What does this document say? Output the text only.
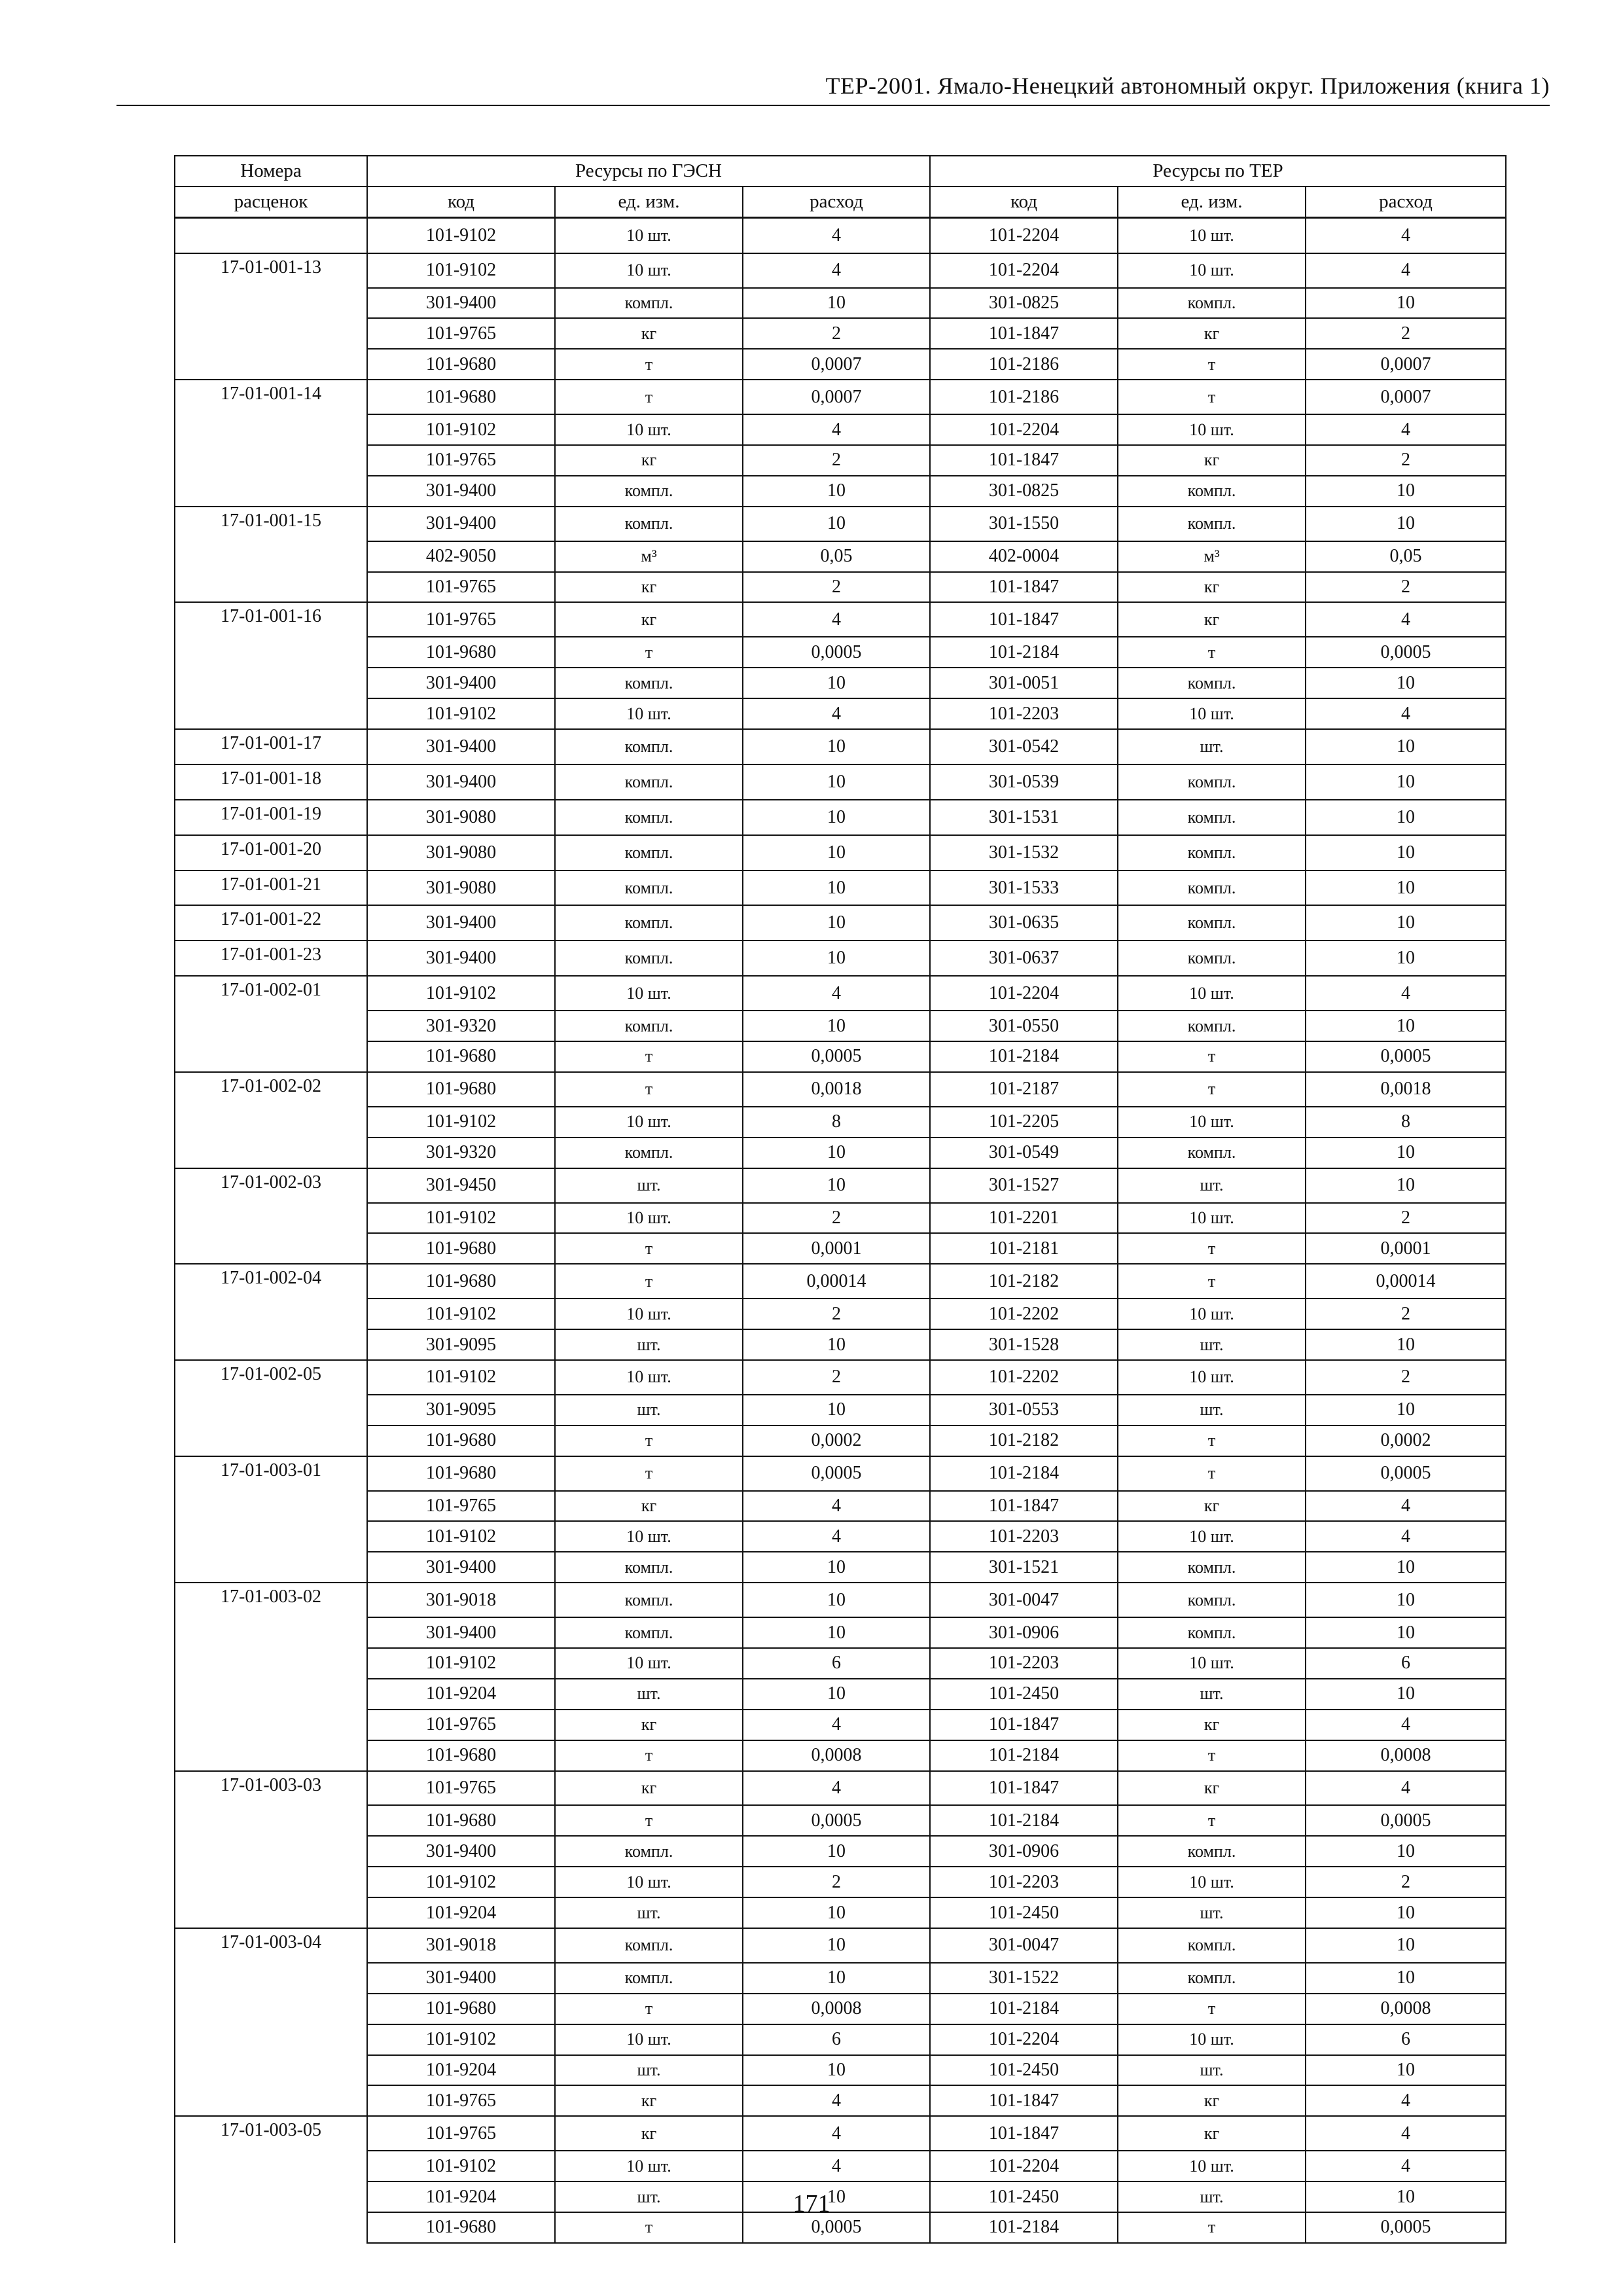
ТЕР-2001. Ямало-Ненецкий автономный округ. Приложения (книга 1)
Номера	Ресурсы по ГЭСН			Ресурсы по ТЕР		
расценок	код	ед. изм.	расход	код	ед. изм.	расход
	101-9102	10 шт.	4	101-2204	10 шт.	4
17-01-001-13	101-9102	10 шт.	4	101-2204	10 шт.	4
	301-9400	компл.	10	301-0825	компл.	10
	101-9765	кг	2	101-1847	кг	2
	101-9680	т	0,0007	101-2186	т	0,0007
17-01-001-14	101-9680	т	0,0007	101-2186	т	0,0007
	101-9102	10 шт.	4	101-2204	10 шт.	4
	101-9765	кг	2	101-1847	кг	2
	301-9400	компл.	10	301-0825	компл.	10
17-01-001-15	301-9400	компл.	10	301-1550	компл.	10
	402-9050	м³	0,05	402-0004	м³	0,05
	101-9765	кг	2	101-1847	кг	2
17-01-001-16	101-9765	кг	4	101-1847	кг	4
	101-9680	т	0,0005	101-2184	т	0,0005
	301-9400	компл.	10	301-0051	компл.	10
	101-9102	10 шт.	4	101-2203	10 шт.	4
17-01-001-17	301-9400	компл.	10	301-0542	шт.	10
17-01-001-18	301-9400	компл.	10	301-0539	компл.	10
17-01-001-19	301-9080	компл.	10	301-1531	компл.	10
17-01-001-20	301-9080	компл.	10	301-1532	компл.	10
17-01-001-21	301-9080	компл.	10	301-1533	компл.	10
17-01-001-22	301-9400	компл.	10	301-0635	компл.	10
17-01-001-23	301-9400	компл.	10	301-0637	компл.	10
17-01-002-01	101-9102	10 шт.	4	101-2204	10 шт.	4
	301-9320	компл.	10	301-0550	компл.	10
	101-9680	т	0,0005	101-2184	т	0,0005
17-01-002-02	101-9680	т	0,0018	101-2187	т	0,0018
	101-9102	10 шт.	8	101-2205	10 шт.	8
	301-9320	компл.	10	301-0549	компл.	10
17-01-002-03	301-9450	шт.	10	301-1527	шт.	10
	101-9102	10 шт.	2	101-2201	10 шт.	2
	101-9680	т	0,0001	101-2181	т	0,0001
17-01-002-04	101-9680	т	0,00014	101-2182	т	0,00014
	101-9102	10 шт.	2	101-2202	10 шт.	2
	301-9095	шт.	10	301-1528	шт.	10
17-01-002-05	101-9102	10 шт.	2	101-2202	10 шт.	2
	301-9095	шт.	10	301-0553	шт.	10
	101-9680	т	0,0002	101-2182	т	0,0002
17-01-003-01	101-9680	т	0,0005	101-2184	т	0,0005
	101-9765	кг	4	101-1847	кг	4
	101-9102	10 шт.	4	101-2203	10 шт.	4
	301-9400	компл.	10	301-1521	компл.	10
17-01-003-02	301-9018	компл.	10	301-0047	компл.	10
	301-9400	компл.	10	301-0906	компл.	10
	101-9102	10 шт.	6	101-2203	10 шт.	6
	101-9204	шт.	10	101-2450	шт.	10
	101-9765	кг	4	101-1847	кг	4
	101-9680	т	0,0008	101-2184	т	0,0008
17-01-003-03	101-9765	кг	4	101-1847	кг	4
	101-9680	т	0,0005	101-2184	т	0,0005
	301-9400	компл.	10	301-0906	компл.	10
	101-9102	10 шт.	2	101-2203	10 шт.	2
	101-9204	шт.	10	101-2450	шт.	10
17-01-003-04	301-9018	компл.	10	301-0047	компл.	10
	301-9400	компл.	10	301-1522	компл.	10
	101-9680	т	0,0008	101-2184	т	0,0008
	101-9102	10 шт.	6	101-2204	10 шт.	6
	101-9204	шт.	10	101-2450	шт.	10
	101-9765	кг	4	101-1847	кг	4
17-01-003-05	101-9765	кг	4	101-1847	кг	4
	101-9102	10 шт.	4	101-2204	10 шт.	4
	101-9204	шт.	10	101-2450	шт.	10
	101-9680	т	0,0005	101-2184	т	0,0005
171
